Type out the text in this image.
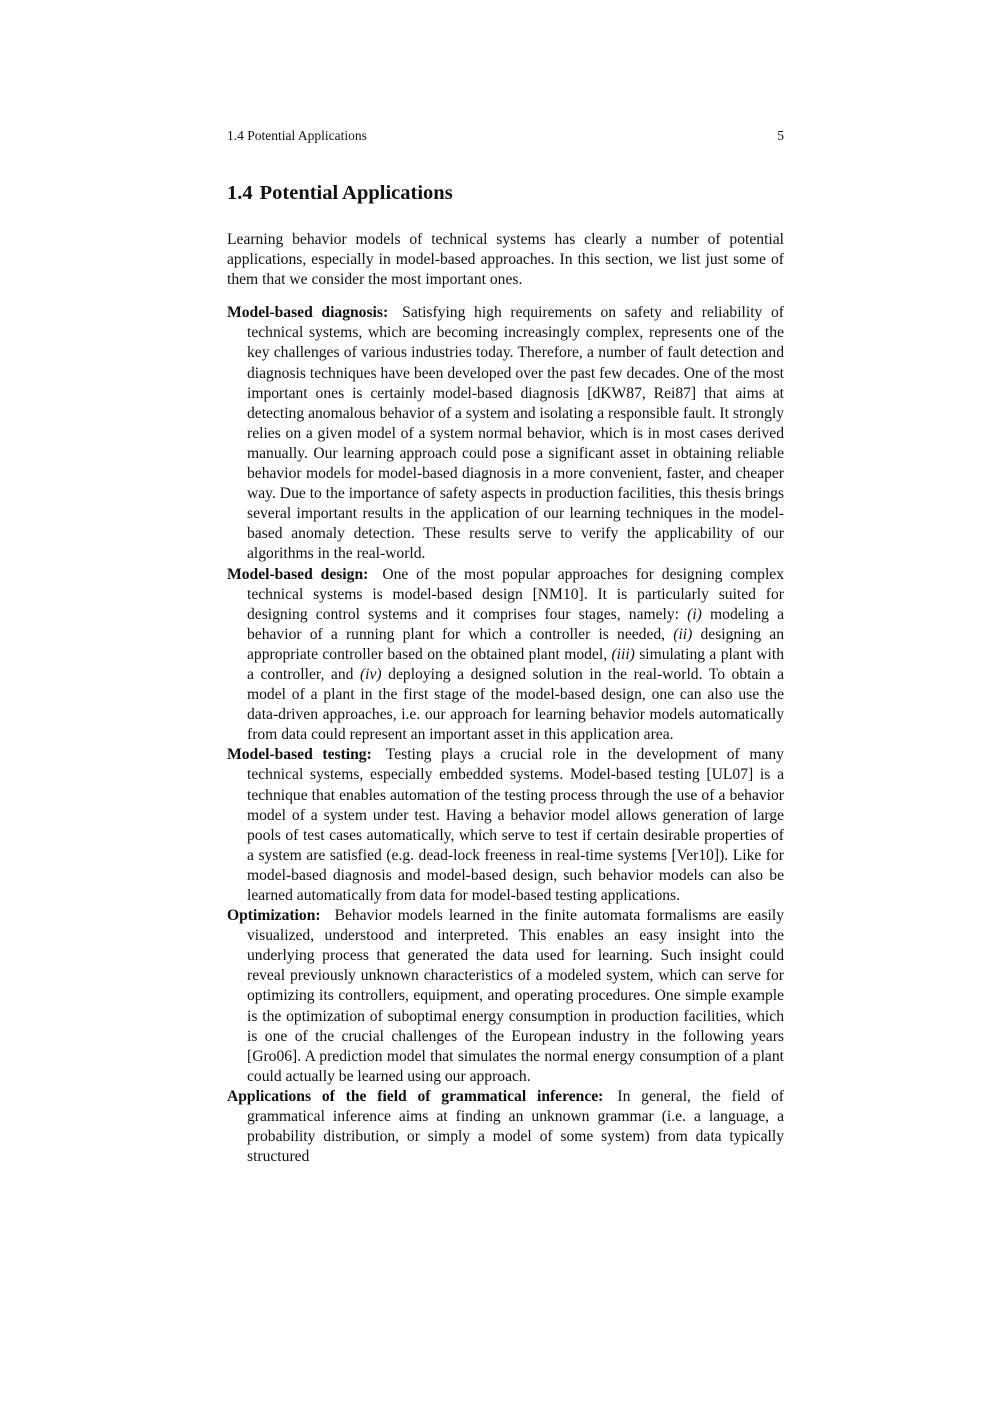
1.4 Potential Applications	5
1.4 Potential Applications

Learning behavior models of technical systems has clearly a number of potential applications, especially in model-based approaches. In this section, we list just some of them that we consider the most important ones.

Model-based diagnosis: Satisfying high requirements on safety and reliability of technical systems, which are becoming increasingly complex, represents one of the key challenges of various industries today. Therefore, a number of fault detection and diagnosis techniques have been developed over the past few decades. One of the most important ones is certainly model-based diagnosis [dKW87, Rei87] that aims at detecting anomalous behavior of a system and isolating a responsible fault. It strongly relies on a given model of a system normal behavior, which is in most cases derived manually. Our learning approach could pose a significant asset in obtaining reliable behavior models for model-based diagnosis in a more convenient, faster, and cheaper way. Due to the importance of safety aspects in production facilities, this thesis brings several important results in the application of our learning techniques in the model-based anomaly detection. These results serve to verify the applicability of our algorithms in the real-world.

Model-based design: One of the most popular approaches for designing complex technical systems is model-based design [NM10]. It is particularly suited for designing control systems and it comprises four stages, namely: (i) modeling a behavior of a running plant for which a controller is needed, (ii) designing an appropriate controller based on the obtained plant model, (iii) simulating a plant with a controller, and (iv) deploying a designed solution in the real-world. To obtain a model of a plant in the first stage of the model-based design, one can also use the data-driven approaches, i.e. our approach for learning behavior models automatically from data could represent an important asset in this application area.

Model-based testing: Testing plays a crucial role in the development of many technical systems, especially embedded systems. Model-based testing [UL07] is a technique that enables automation of the testing process through the use of a behavior model of a system under test. Having a behavior model allows generation of large pools of test cases automatically, which serve to test if certain desirable properties of a system are satisfied (e.g. dead-lock freeness in real-time systems [Ver10]). Like for model-based diagnosis and model-based design, such behavior models can also be learned automatically from data for model-based testing applications.

Optimization: Behavior models learned in the finite automata formalisms are easily visualized, understood and interpreted. This enables an easy insight into the underlying process that generated the data used for learning. Such insight could reveal previously unknown characteristics of a modeled system, which can serve for optimizing its controllers, equipment, and operating procedures. One simple example is the optimization of suboptimal energy consumption in production facilities, which is one of the crucial challenges of the European industry in the following years [Gro06]. A prediction model that simulates the normal energy consumption of a plant could actually be learned using our approach.

Applications of the field of grammatical inference: In general, the field of grammatical inference aims at finding an unknown grammar (i.e. a language, a probability distribution, or simply a model of some system) from data typically structured
